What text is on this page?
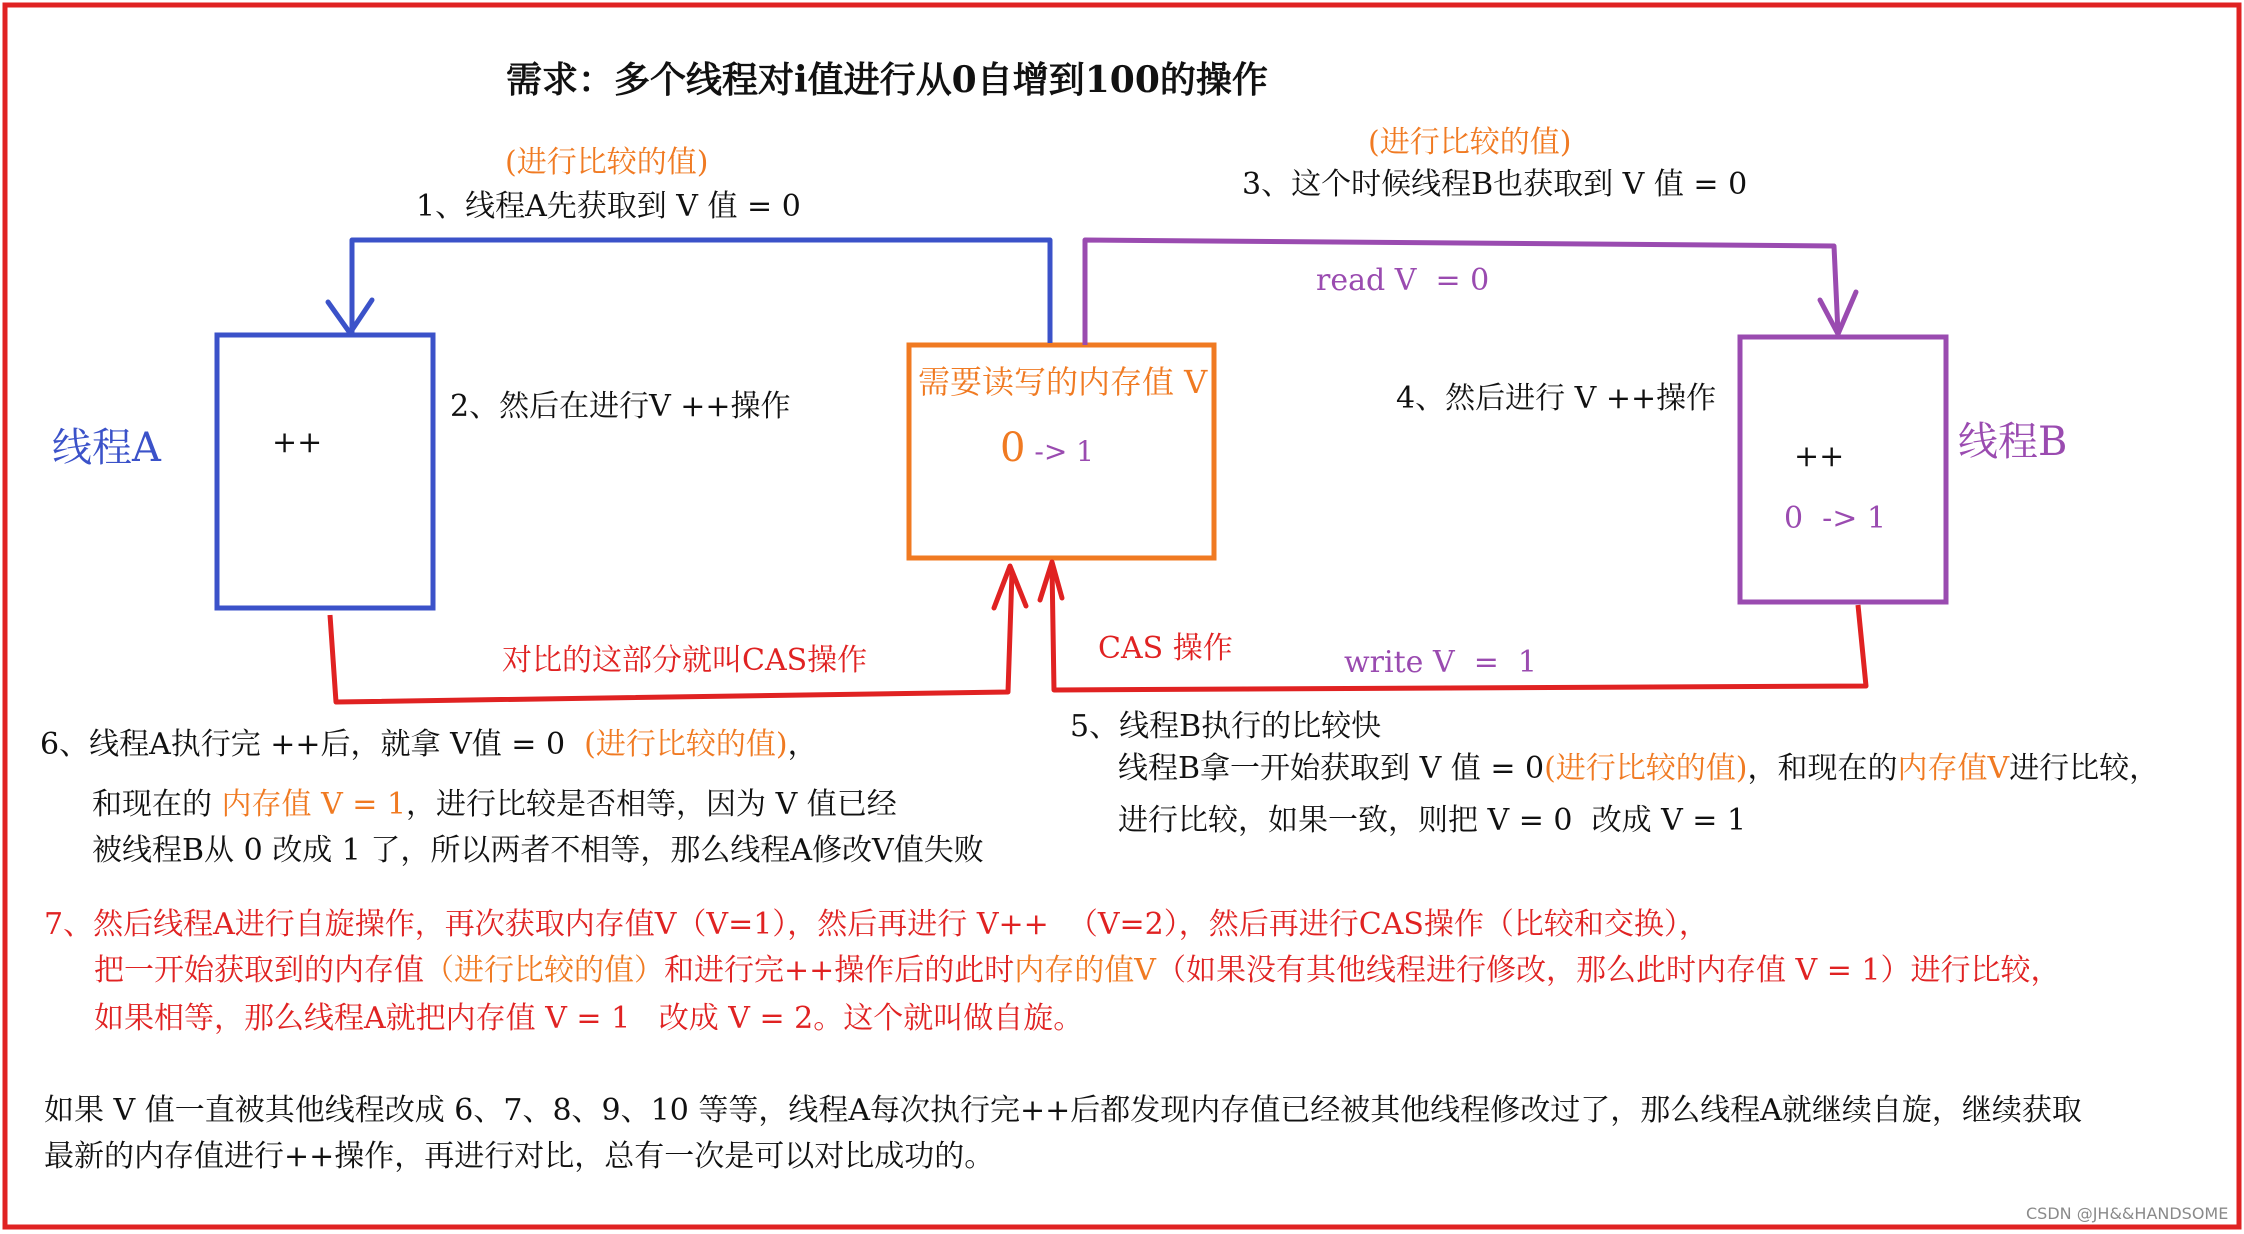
需求：多个线程对i值进行从0自增到100的操作
线程A	线程B
++	++
0  -> 1
需要读写的内存值 V
0 -> 1
(进行比较的值)
1、线程A先获取到 V 值 = 0
2、然后在进行V ++操作
(进行比较的值)
3、这个时候线程B也获取到 V 值 = 0
read V  = 0
4、然后进行 V ++操作
对比的这部分就叫CAS操作	CAS 操作	write V  =  1
6、线程A执行完 ++后，就拿 V值 = 0  (进行比较的值)，
和现在的 内存值 V = 1，进行比较是否相等，因为 V 值已经
被线程B从 0 改成 1 了，所以两者不相等，那么线程A修改V值失败
5、线程B执行的比较快
线程B拿一开始获取到 V 值 = 0(进行比较的值)，和现在的内存值V进行比较，
进行比较，如果一致，则把 V = 0  改成 V = 1
7、然后线程A进行自旋操作，再次获取内存值V（V=1），然后再进行 V++  （V=2），然后再进行CAS操作（比较和交换），
把一开始获取到的内存值（进行比较的值）和进行完++操作后的此时内存的值V（如果没有其他线程进行修改，那么此时内存值 V = 1）进行比较，
如果相等，那么线程A就把内存值 V = 1   改成 V = 2。这个就叫做自旋。
如果 V 值一直被其他线程改成 6、7、8、9、10 等等，线程A每次执行完++后都发现内存值已经被其他线程修改过了，那么线程A就继续自旋，继续获取
最新的内存值进行++操作，再进行对比，总有一次是可以对比成功的。
CSDN @JH&&HANDSOME
